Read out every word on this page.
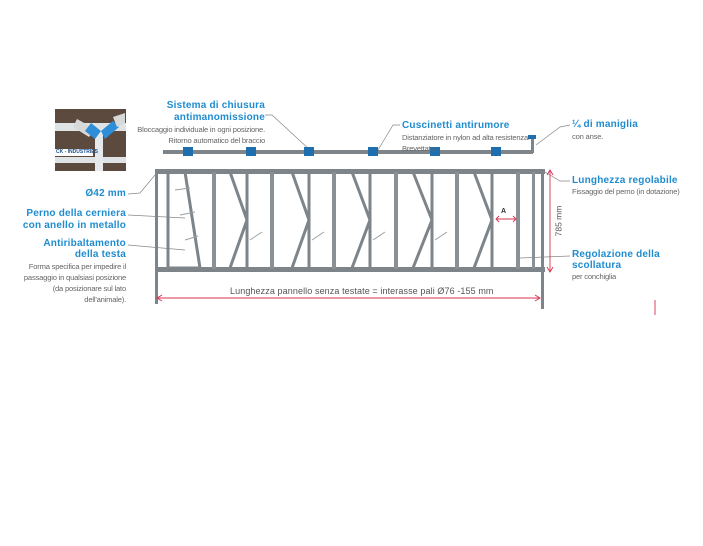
CK - INDUSTRIES
A
Lunghezza pannello senza testate = interasse pali Ø76 -155 mm
785 mm
Sistema di chiusura
antimanomissione
Bloccaggio individuale in ogni posizione.
Ritorno automatico del braccio
Cuscinetti antirumore
Distanziatore in nylon ad alta resistenza.
Brevettato
¼ di maniglia
con anse.
Lunghezza regolabile
Fissaggio del perno (in dotazione)
Regolazione della
scollatura
per conchiglia
Ø42 mm
Perno della cerniera
con anello in metallo
Antiribaltamento
della testa
Forma specifica per impedire il
passaggio in qualsiasi posizione
(da posizionare sul lato
dell'animale).
